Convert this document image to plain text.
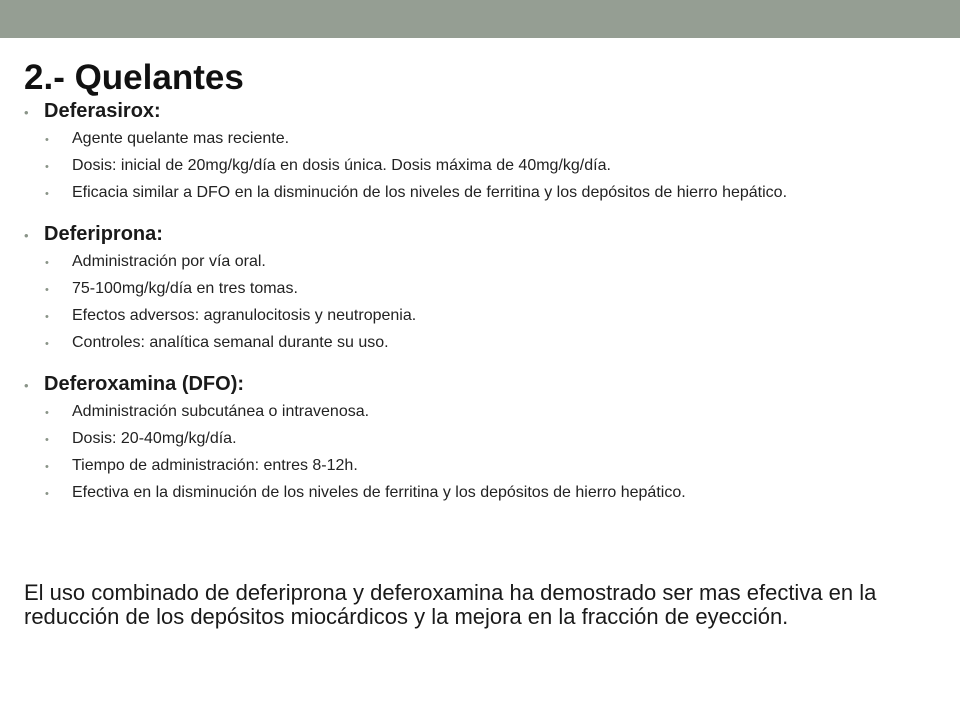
2.- Quelantes
• Deferasirox:
•	Agente quelante mas reciente.
•	Dosis: inicial de 20mg/kg/día en dosis única. Dosis máxima de 40mg/kg/día.
•	Eficacia similar a DFO en la disminución de los niveles de ferritina y los depósitos de hierro hepático.
• Deferiprona:
•	Administración por vía oral.
•	75-100mg/kg/día en tres tomas.
•	Efectos adversos: agranulocitosis y neutropenia.
•	Controles: analítica semanal durante su uso.
• Deferoxamina (DFO):
•	Administración subcutánea o intravenosa.
•	Dosis: 20-40mg/kg/día.
•	Tiempo de administración: entres 8-12h.
•	Efectiva en la disminución de los niveles de ferritina y los depósitos de hierro hepático.

El uso combinado de deferiprona y deferoxamina ha demostrado ser mas efectiva en la reducción de los depósitos miocárdicos y la mejora en la fracción de eyección.
